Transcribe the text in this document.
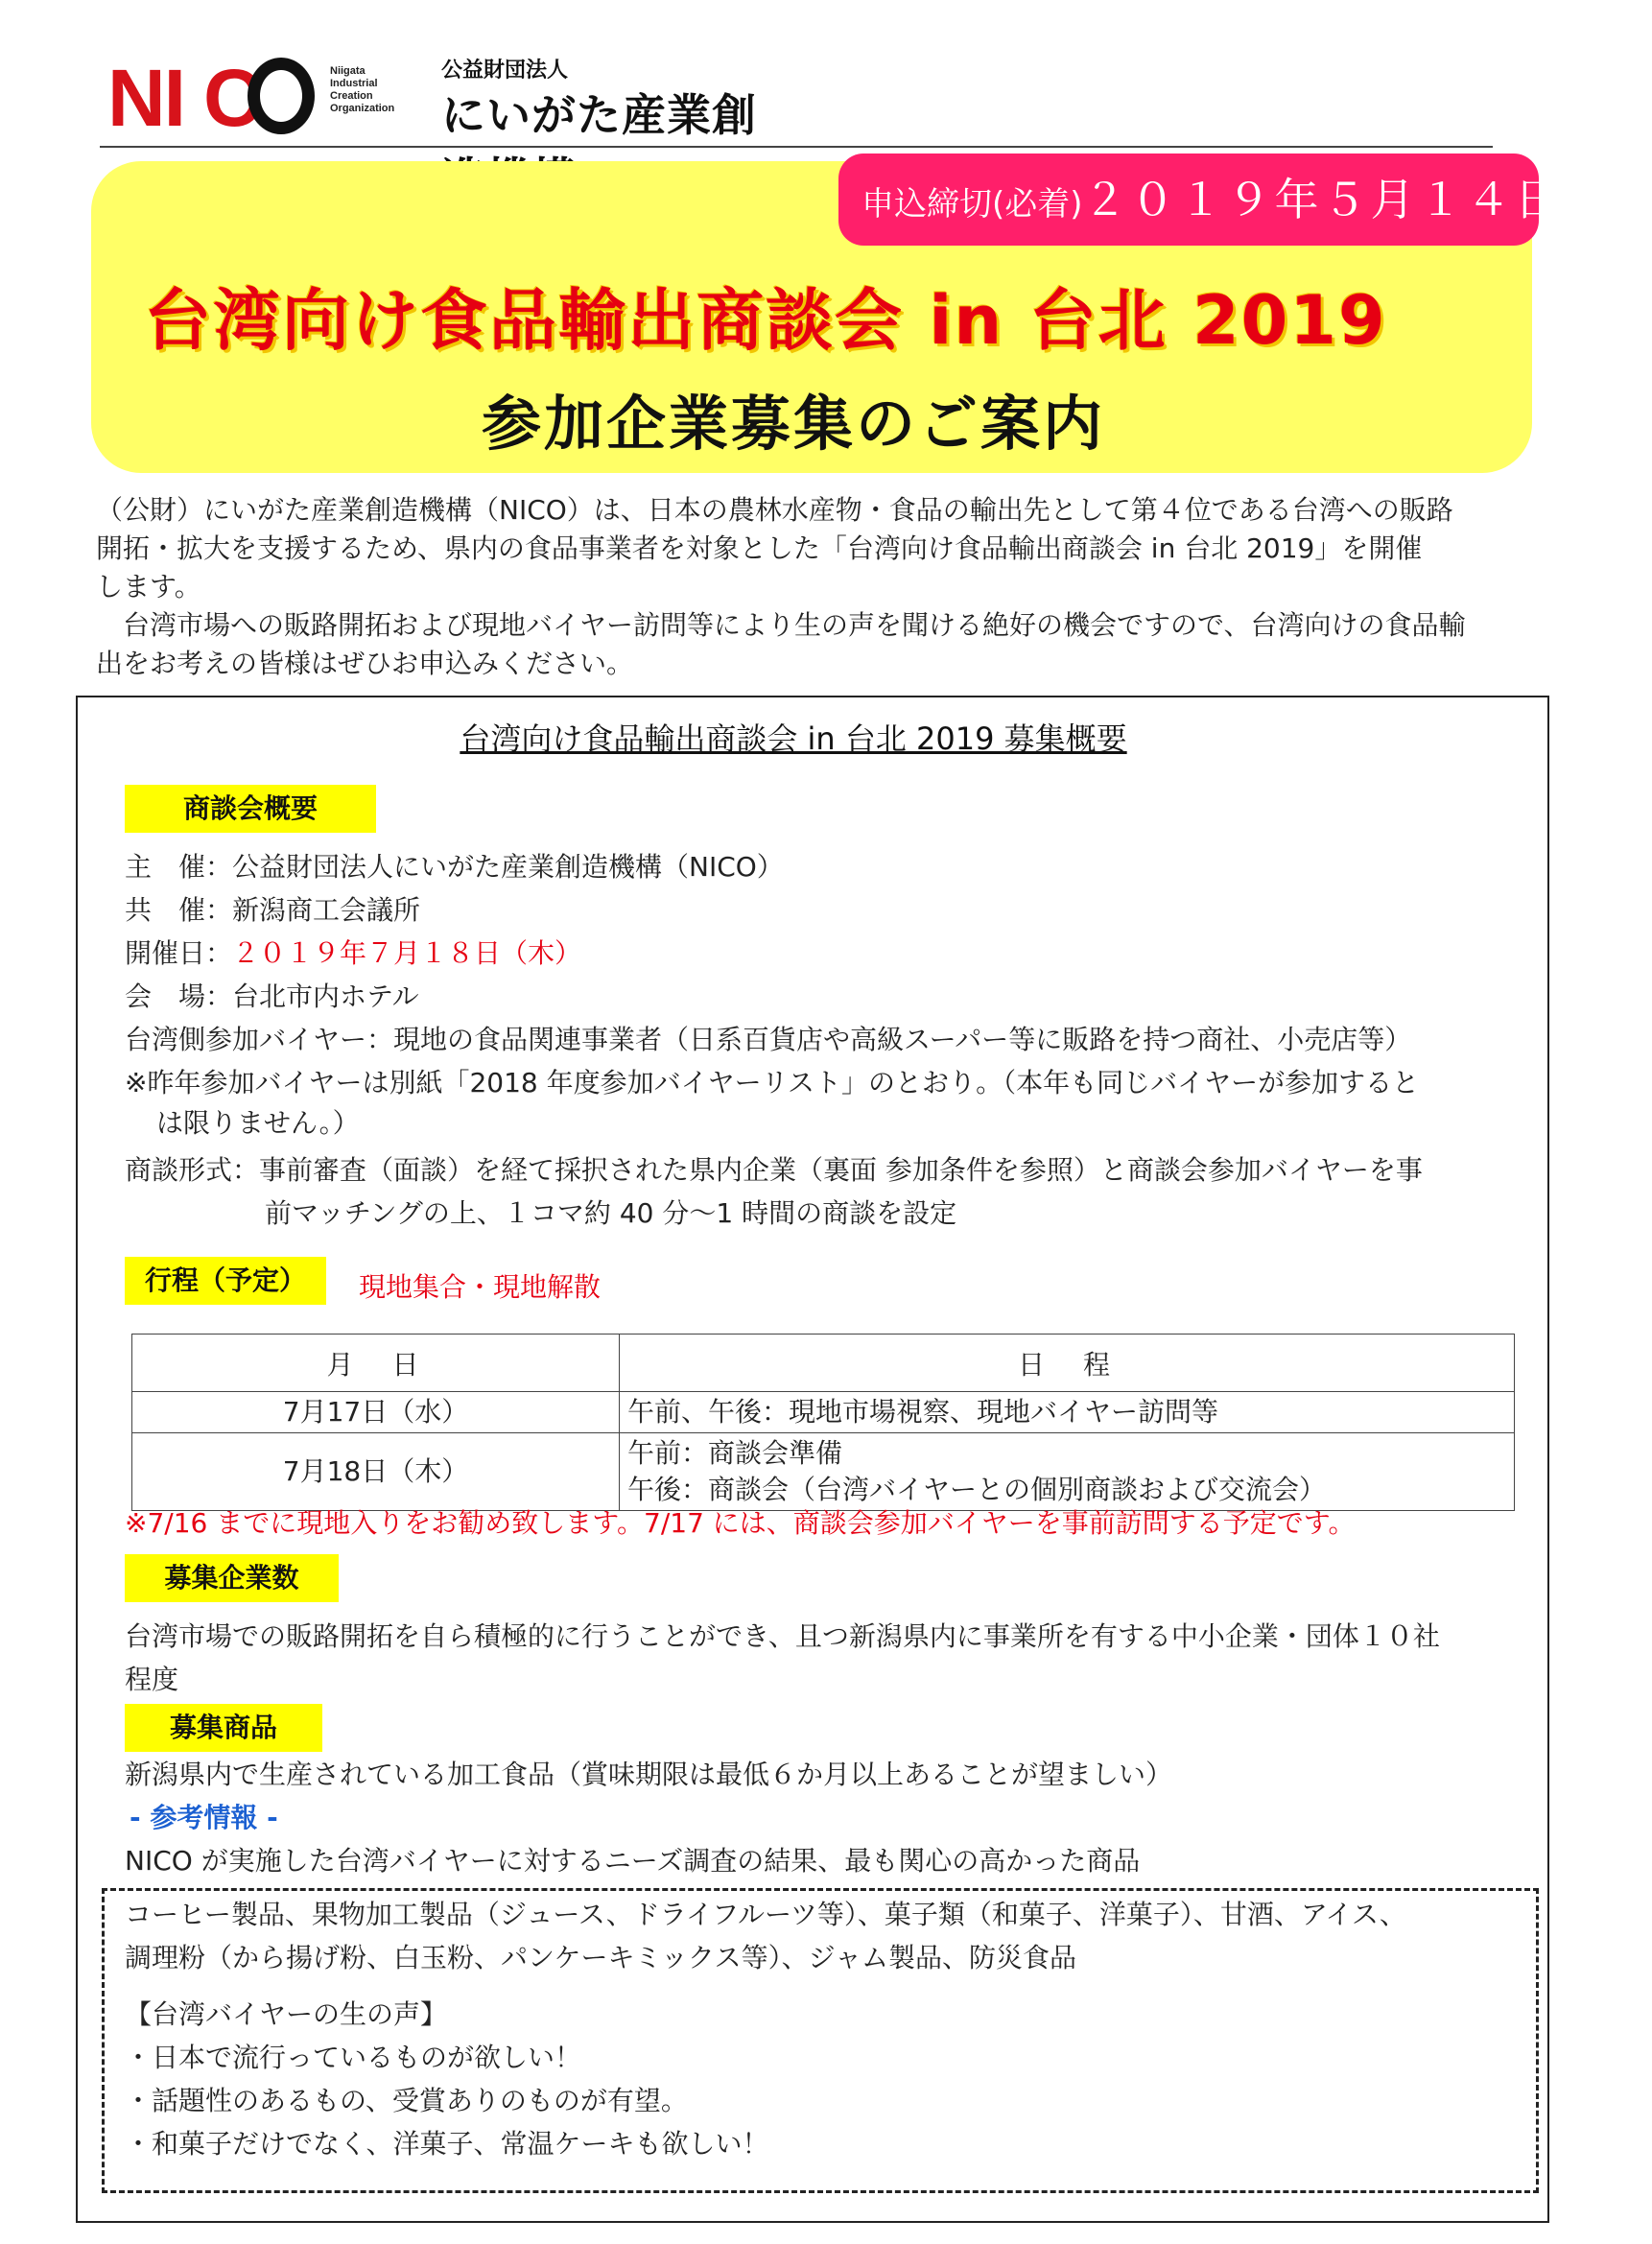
NI C	Niigata
Industrial
Creation
Organization
公益財団法人
にいがた産業創
申込締切(必着)２０１９年５月１４日(火)
台湾向け食品輸出商談会 in 台北 2019
参加企業募集のご案内
（公財）にいがた産業創造機構（NICO）は、日本の農林水産物・食品の輸出先として第４位である台湾への販路
開拓・拡大を支援するため、県内の食品事業者を対象とした「台湾向け食品輸出商談会 in 台北 2019」を開催
します。
　台湾市場への販路開拓および現地バイヤー訪問等により生の声を聞ける絶好の機会ですので、台湾向けの食品輸
出をお考えの皆様はぜひお申込みください。
台湾向け食品輸出商談会 in 台北 2019 募集概要
商談会概要
主　催：公益財団法人にいがた産業創造機構（NICO）
共　催：新潟商工会議所
開催日：２０１９年７月１８日（木）
会　場：台北市内ホテル
台湾側参加バイヤー：現地の食品関連事業者（日系百貨店や高級スーパー等に販路を持つ商社、小売店等）
※昨年参加バイヤーは別紙「2018 年度参加バイヤーリスト」のとおり。（本年も同じバイヤーが参加すると
は限りません。）
商談形式：事前審査（面談）を経て採択された県内企業（裏面 参加条件を参照）と商談会参加バイヤーを事
前マッチングの上、１コマ約 40 分～1 時間の商談を設定
行程（予定）	現地集合・現地解散
月　日	日　程
7月17日（水）	午前、午後：現地市場視察、現地バイヤー訪問等
7月18日（木）	午前：商談会準備
午後：商談会（台湾バイヤーとの個別商談および交流会）
※7/16 までに現地入りをお勧め致します。7/17 には、商談会参加バイヤーを事前訪問する予定です。
募集企業数
台湾市場での販路開拓を自ら積極的に行うことができ、且つ新潟県内に事業所を有する中小企業・団体１０社
程度
募集商品
新潟県内で生産されている加工食品（賞味期限は最低６か月以上あることが望ましい）
- 参考情報 -
NICO が実施した台湾バイヤーに対するニーズ調査の結果、最も関心の高かった商品
コーヒー製品、果物加工製品（ジュース、ドライフルーツ等）、菓子類（和菓子、洋菓子）、甘酒、アイス、
調理粉（から揚げ粉、白玉粉、パンケーキミックス等）、ジャム製品、防災食品
【台湾バイヤーの生の声】
・日本で流行っているものが欲しい！
・話題性のあるもの、受賞ありのものが有望。
・和菓子だけでなく、洋菓子、常温ケーキも欲しい！
